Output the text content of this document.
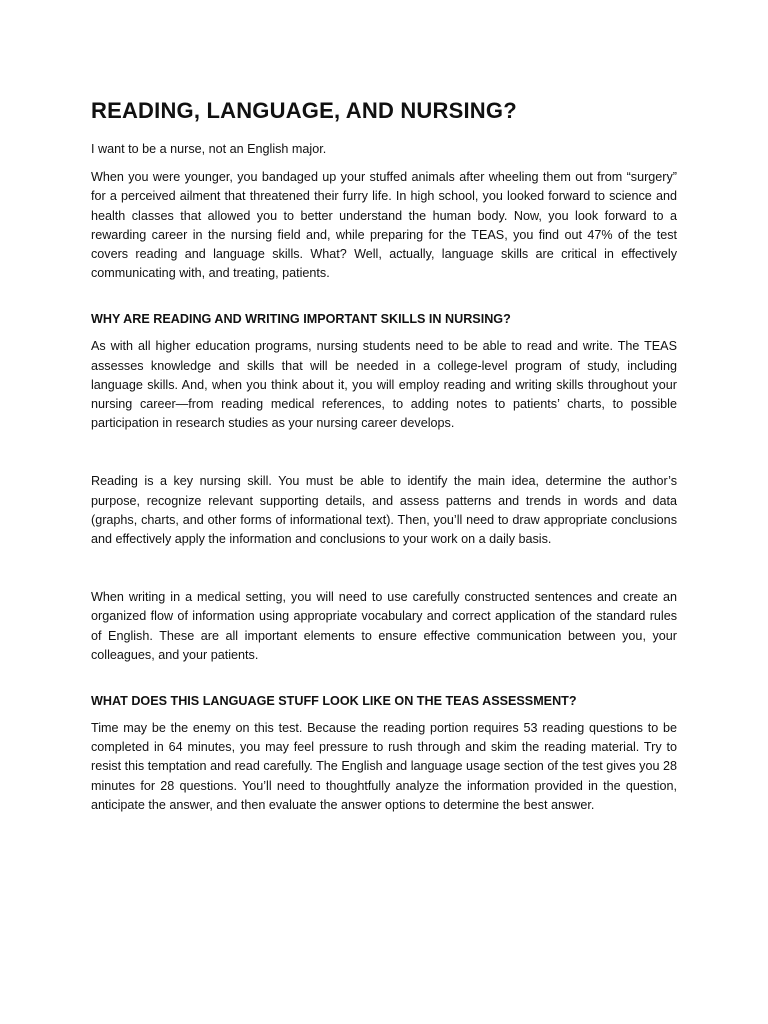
READING, LANGUAGE, AND NURSING?

I want to be a nurse, not an English major.

When you were younger, you bandaged up your stuffed animals after wheeling them out from “surgery” for a perceived ailment that threatened their furry life. In high school, you looked forward to science and health classes that allowed you to better understand the human body. Now, you look forward to a rewarding career in the nursing field and, while preparing for the TEAS, you find out 47% of the test covers reading and language skills. What? Well, actually, language skills are critical in effectively communicating with, and treating, patients.

WHY ARE READING AND WRITING IMPORTANT SKILLS IN NURSING?

As with all higher education programs, nursing students need to be able to read and write. The TEAS assesses knowledge and skills that will be needed in a college-level program of study, including language skills. And, when you think about it, you will employ reading and writing skills throughout your nursing career—from reading medical references, to adding notes to patients’ charts, to possible participation in research studies as your nursing career develops.

Reading is a key nursing skill. You must be able to identify the main idea, determine the author’s purpose, recognize relevant supporting details, and assess patterns and trends in words and data (graphs, charts, and other forms of informational text). Then, you’ll need to draw appropriate conclusions and effectively apply the information and conclusions to your work on a daily basis.

When writing in a medical setting, you will need to use carefully constructed sentences and create an organized flow of information using appropriate vocabulary and correct application of the standard rules of English. These are all important elements to ensure effective communication between you, your colleagues, and your patients.

WHAT DOES THIS LANGUAGE STUFF LOOK LIKE ON THE TEAS ASSESSMENT?

Time may be the enemy on this test. Because the reading portion requires 53 reading questions to be completed in 64 minutes, you may feel pressure to rush through and skim the reading material. Try to resist this temptation and read carefully. The English and language usage section of the test gives you 28 minutes for 28 questions. You’ll need to thoughtfully analyze the information provided in the question, anticipate the answer, and then evaluate the answer options to determine the best answer.
